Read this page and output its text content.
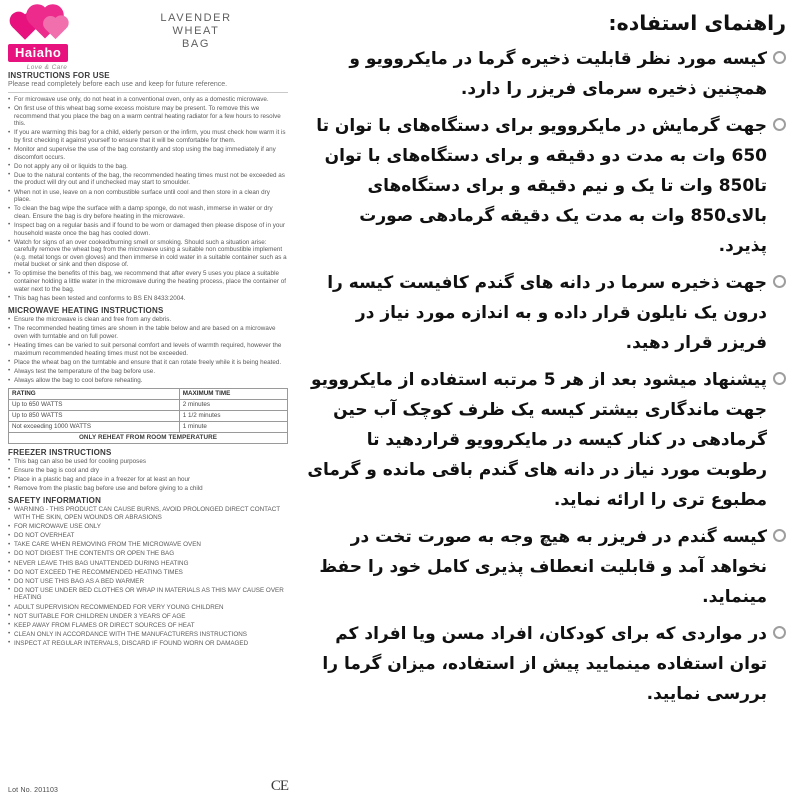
Haiaho
Love & Care
LAVENDER
WHEAT
BAG
INSTRUCTIONS FOR USE
Please read completely before each use and keep for future reference.
• For microwave use only, do not heat in a conventional oven, only as a domestic microwave.
• On first use of this wheat bag some excess moisture may be present. To remove this we recommend that you place the bag on a warm central heating radiator for a few hours to resolve this.
• If you are warming this bag for a child, elderly person or the infirm, you must check how warm it is by first checking it against yourself to ensure that it will be comfortable for them.
• Monitor and supervise the use of the bag constantly and stop using the bag immediately if any discomfort occurs.
• Do not apply any oil or liquids to the bag.
• Due to the natural contents of the bag, the recommended heating times must not be exceeded as the product will dry out and if unchecked may start to smoulder.
• When not in use, leave on a non combustible surface until cool and then store in a clean dry place.
• To clean the bag wipe the surface with a damp sponge, do not wash, immerse in water or dry clean. Ensure the bag is dry before heating in the microwave.
• Inspect bag on a regular basis and if found to be worn or damaged then please dispose of in your household waste once the bag has cooled down.
• Watch for signs of an over cooked/burning smell or smoking. Should such a situation arise: carefully remove the wheat bag from the microwave using a suitable non combustible implement (e.g. metal tongs or oven gloves) and then immerse in cold water in a suitable container such as a metal bucket or sink and then dispose of.
• To optimise the benefits of this bag, we recommend that after every 5 uses you place a suitable container holding a little water in the microwave during the heating process, place the container of water next to the bag.
• This bag has been tested and conforms to BS EN 8433:2004.
MICROWAVE HEATING INSTRUCTIONS
• Ensure the microwave is clean and free from any debris.
• The recommended heating times are shown in the table below and are based on a microwave oven with turntable and on full power.
• Heating times can be varied to suit personal comfort and levels of warmth required, however the maximum recommended heating times must not be exceeded.
• Place the wheat bag on the turntable and ensure that it can rotate freely while it is being heated.
• Always test the temperature of the bag before use.
• Always allow the bag to cool before reheating.
RATING	MAXIMUM TIME
Up to 650 WATTS	2 minutes
Up to 850 WATTS	1 1/2 minutes
Not exceeding 1000 WATTS	1 minute
ONLY REHEAT FROM ROOM TEMPERATURE
FREEZER INSTRUCTIONS
• This bag can also be used for cooling purposes
• Ensure the bag is cool and dry
• Place in a plastic bag and place in a freezer for at least an hour
• Remove from the plastic bag before use and before giving to a child
SAFETY INFORMATION
• WARNING - THIS PRODUCT CAN CAUSE BURNS, AVOID PROLONGED DIRECT CONTACT WITH THE SKIN, OPEN WOUNDS OR ABRASIONS
• FOR MICROWAVE USE ONLY
• DO NOT OVERHEAT
• TAKE CARE WHEN REMOVING FROM THE MICROWAVE OVEN
• DO NOT DIGEST THE CONTENTS OR OPEN THE BAG
• NEVER LEAVE THIS BAG UNATTENDED DURING HEATING
• DO NOT EXCEED THE RECOMMENDED HEATING TIMES
• DO NOT USE THIS BAG AS A BED WARMER
• DO NOT USE UNDER BED CLOTHES OR WRAP IN MATERIALS AS THIS MAY CAUSE OVER HEATING
• ADULT SUPERVISION RECOMMENDED FOR VERY YOUNG CHILDREN
• NOT SUITABLE FOR CHILDREN UNDER 3 YEARS OF AGE
• KEEP AWAY FROM FLAMES OR DIRECT SOURCES OF HEAT
• CLEAN ONLY IN ACCORDANCE WITH THE MANUFACTURERS INSTRUCTIONS
• INSPECT AT REGULAR INTERVALS, DISCARD IF FOUND WORN OR DAMAGED
Lot No. 201103	CE
راهنمای استفاده:
کیسه مورد نظر قابلیت ذخیره گرما در مایکروویو و همچنین ذخیره سرمای فریزر را دارد.
جهت گرمایش در مایکروویو برای دستگاه‌های با توان تا 650 وات به مدت دو دقیقه و برای دستگاه‌های با توان تا850 وات تا یک و نیم دقیقه و برای دستگاه‌های بالای850 وات به مدت یک دقیقه گرمادهی صورت پذیرد.
جهت ذخیره سرما در دانه های گندم کافیست کیسه را درون یک نایلون قرار داده و به اندازه مورد نیاز در فریزر قرار دهید.
پیشنهاد میشود بعد از هر 5 مرتبه استفاده از مایکروویو جهت ماندگاری بیشتر کیسه یک ظرف کوچک آب حین گرمادهی در کنار کیسه در مایکروویو قراردهید تا رطوبت مورد نیاز در دانه های گندم باقی مانده و گرمای مطبوع تری را ارائه نماید.
کیسه گندم در فریزر به هیچ وجه به صورت تخت در نخواهد آمد و قابلیت انعطاف پذیری کامل خود را حفظ مینماید.
در مواردی که برای کودکان، افراد مسن ویا افراد کم توان استفاده مینمایید پیش از استفاده، میزان گرما را بررسی نمایید.
